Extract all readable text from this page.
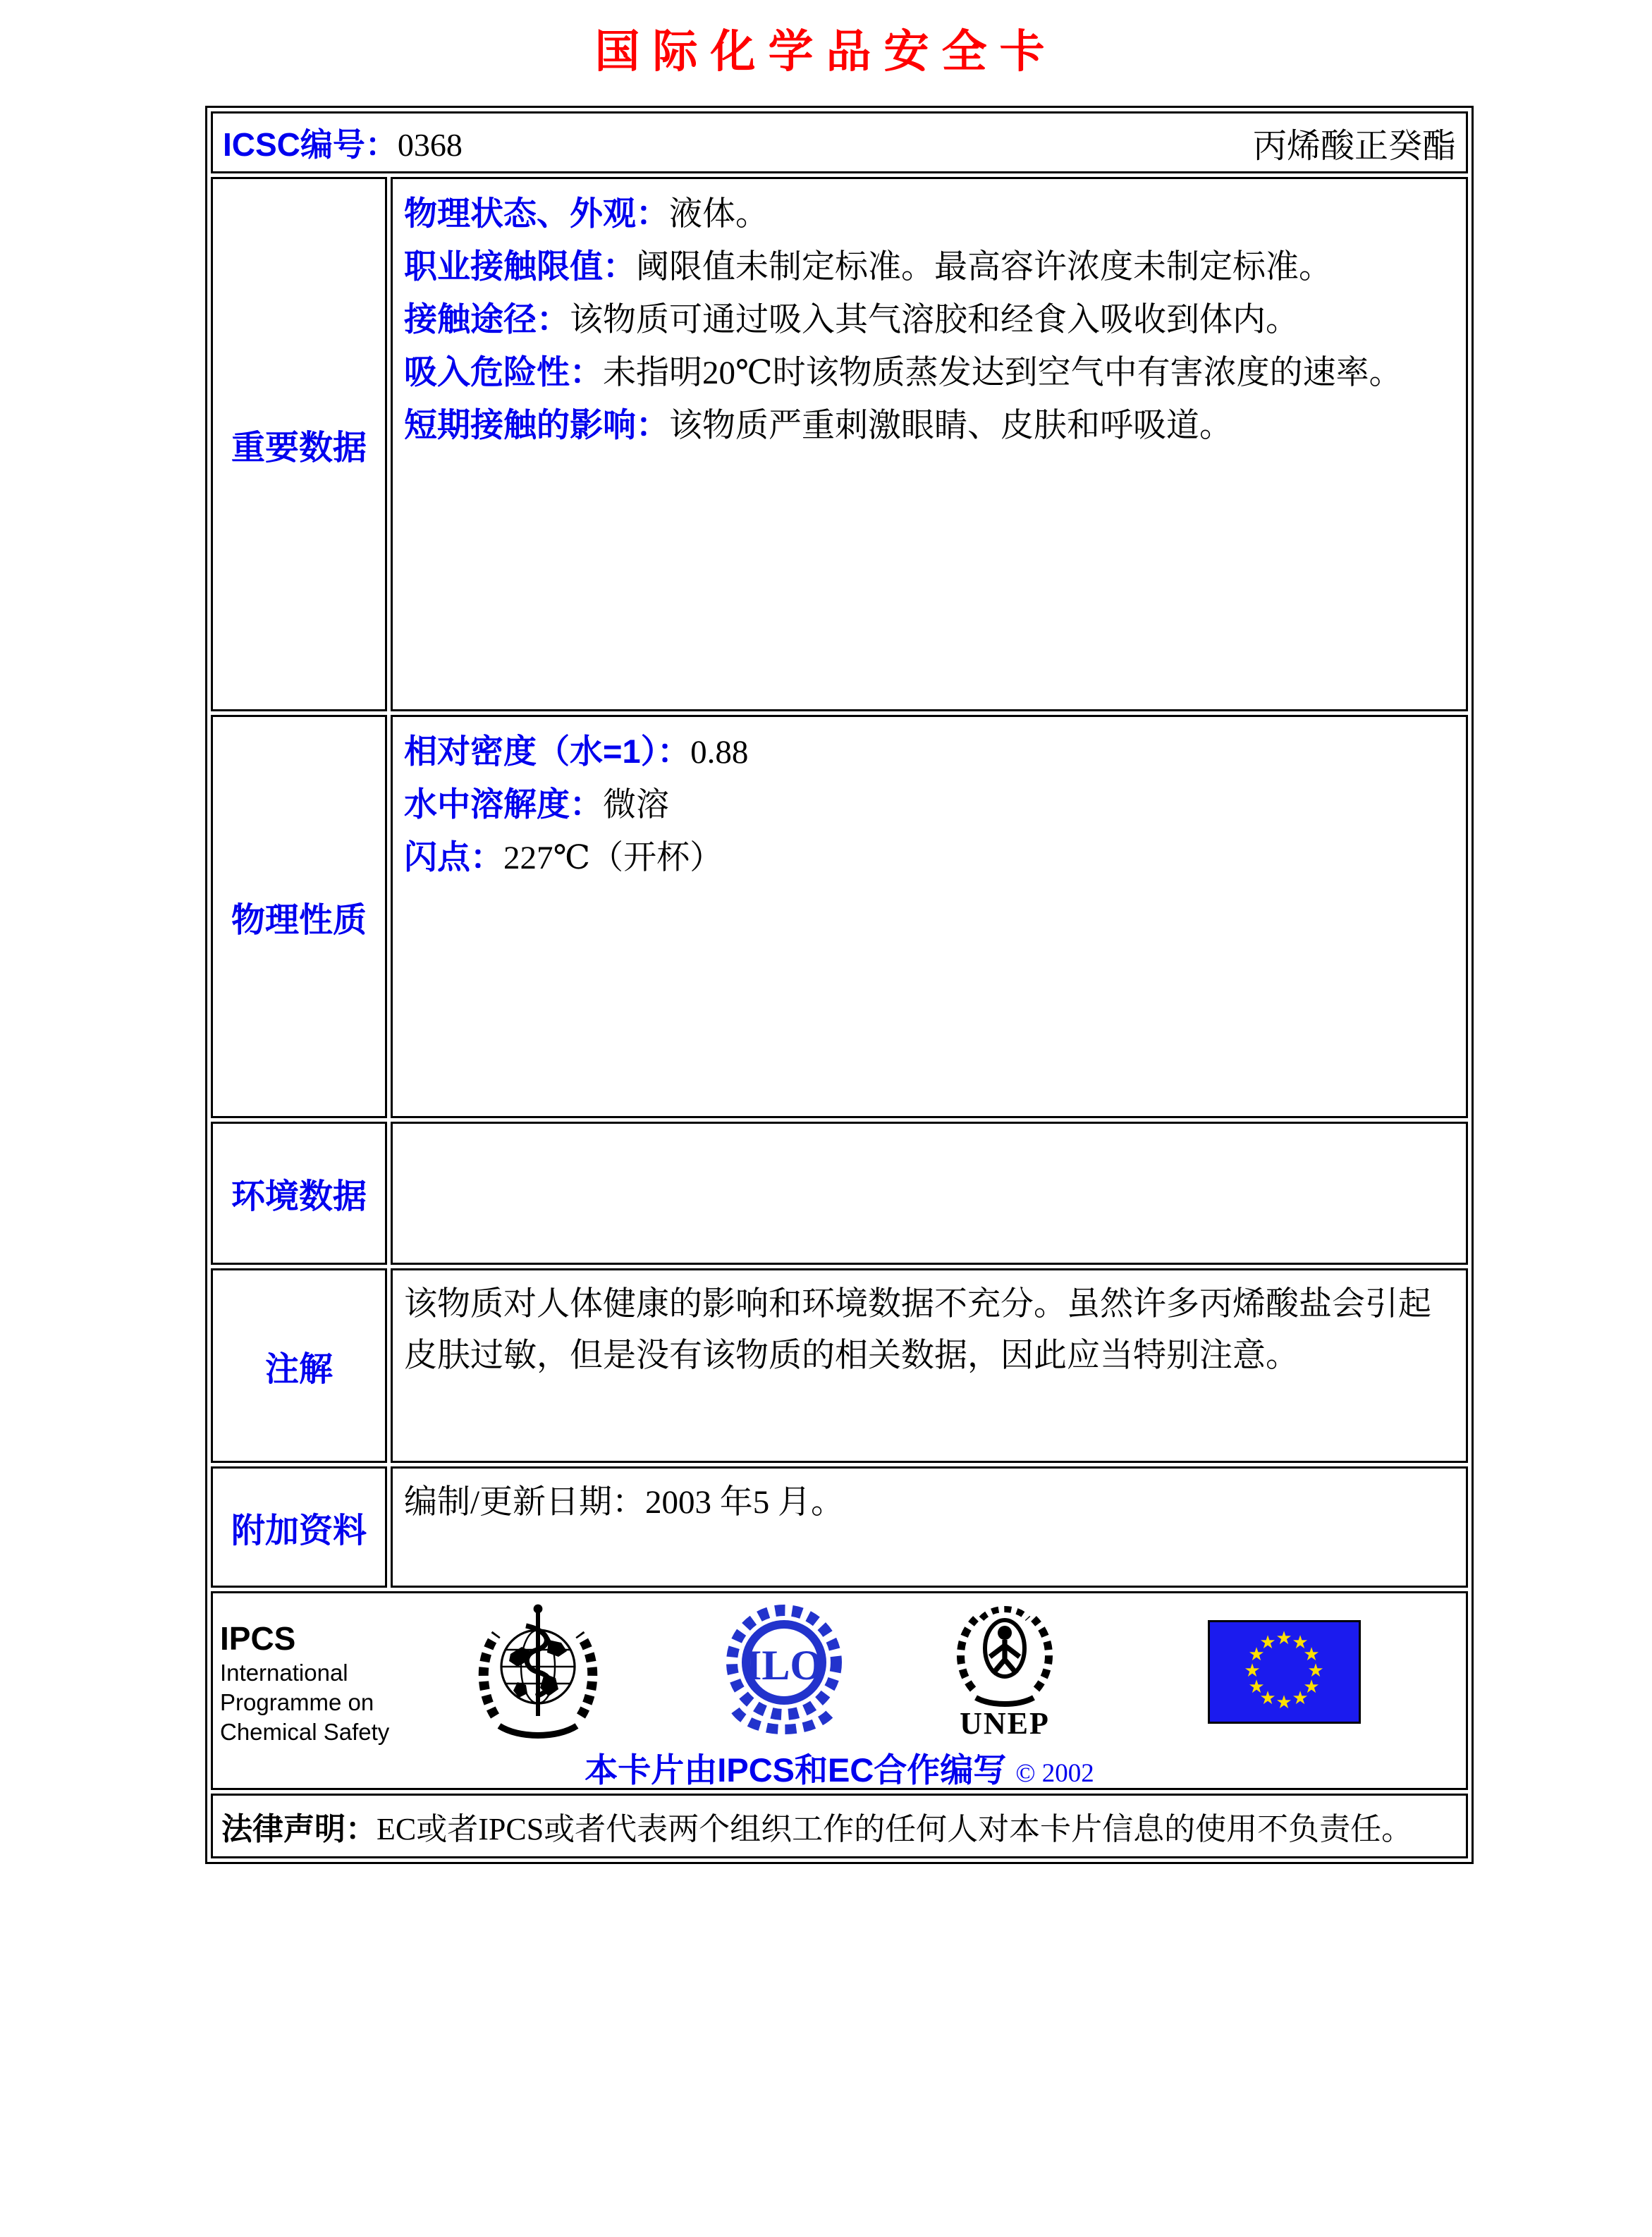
国际化学品安全卡
ICSC编号：0368	丙烯酸正癸酯
重要数据
物理状态、外观：液体。
职业接触限值：阈限值未制定标准。最高容许浓度未制定标准。
接触途径：该物质可通过吸入其气溶胶和经食入吸收到体内。
吸入危险性：未指明20℃时该物质蒸发达到空气中有害浓度的速率。
短期接触的影响：该物质严重刺激眼睛、皮肤和呼吸道。
物理性质
相对密度（水=1）：0.88
水中溶解度：微溶
闪点：227℃（开杯）
环境数据
注解
该物质对人体健康的影响和环境数据不充分。虽然许多丙烯酸盐会引起皮肤过敏，但是没有该物质的相关数据，因此应当特别注意。
附加资料
编制/更新日期：2003 年5 月。
IPCS
International
Programme on
Chemical Safety
ILO
UNEP
★ ★
★
★
★
★
★
★
★
★
★
★
本卡片由IPCS和EC合作编写 © 2002
法律声明： EC或者IPCS或者代表两个组织工作的任何人对本卡片信息的使用不负责任。
